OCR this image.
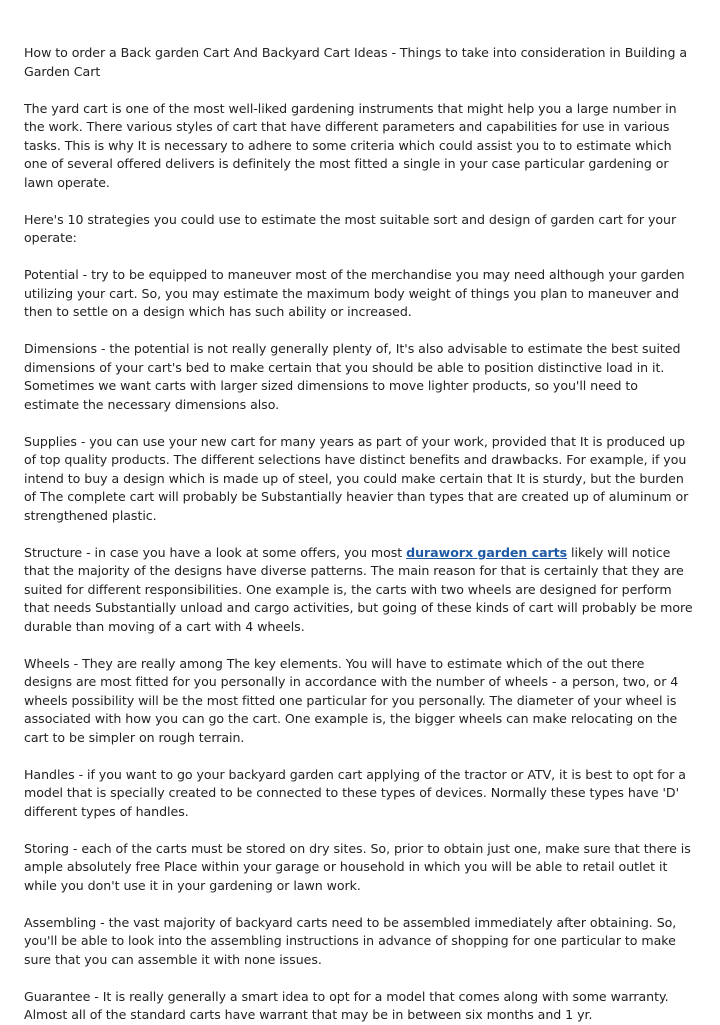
How to order a Back garden Cart And Backyard Cart Ideas - Things to take into consideration in Building a Garden Cart

The yard cart is one of the most well-liked gardening instruments that might help you a large number in the work. There various styles of cart that have different parameters and capabilities for use in various tasks. This is why It is necessary to adhere to some criteria which could assist you to to estimate which one of several offered delivers is definitely the most fitted a single in your case particular gardening or lawn operate.

Here's 10 strategies you could use to estimate the most suitable sort and design of garden cart for your operate:

Potential - try to be equipped to maneuver most of the merchandise you may need although your garden utilizing your cart. So, you may estimate the maximum body weight of things you plan to maneuver and then to settle on a design which has such ability or increased.

Dimensions - the potential is not really generally plenty of, It's also advisable to estimate the best suited dimensions of your cart's bed to make certain that you should be able to position distinctive load in it. Sometimes we want carts with larger sized dimensions to move lighter products, so you'll need to estimate the necessary dimensions also.

Supplies - you can use your new cart for many years as part of your work, provided that It is produced up of top quality products. The different selections have distinct benefits and drawbacks. For example, if you intend to buy a design which is made up of steel, you could make certain that It is sturdy, but the burden of The complete cart will probably be Substantially heavier than types that are created up of aluminum or strengthened plastic.

Structure - in case you have a look at some offers, you most duraworx garden carts likely will notice that the majority of the designs have diverse patterns. The main reason for that is certainly that they are suited for different responsibilities. One example is, the carts with two wheels are designed for perform that needs Substantially unload and cargo activities, but going of these kinds of cart will probably be more durable than moving of a cart with 4 wheels.

Wheels - They are really among The key elements. You will have to estimate which of the out there designs are most fitted for you personally in accordance with the number of wheels - a person, two, or 4 wheels possibility will be the most fitted one particular for you personally. The diameter of your wheel is associated with how you can go the cart. One example is, the bigger wheels can make relocating on the cart to be simpler on rough terrain.

Handles - if you want to go your backyard garden cart applying of the tractor or ATV, it is best to opt for a model that is specially created to be connected to these types of devices. Normally these types have 'D' different types of handles.

Storing - each of the carts must be stored on dry sites. So, prior to obtain just one, make sure that there is ample absolutely free Place within your garage or household in which you will be able to retail outlet it while you don't use it in your gardening or lawn work.

Assembling - the vast majority of backyard carts need to be assembled immediately after obtaining. So, you'll be able to look into the assembling instructions in advance of shopping for one particular to make sure that you can assemble it with none issues.

Guarantee - It is really generally a smart idea to opt for a model that comes along with some warranty. Almost all of the standard carts have warrant that may be in between six months and 1 yr.
